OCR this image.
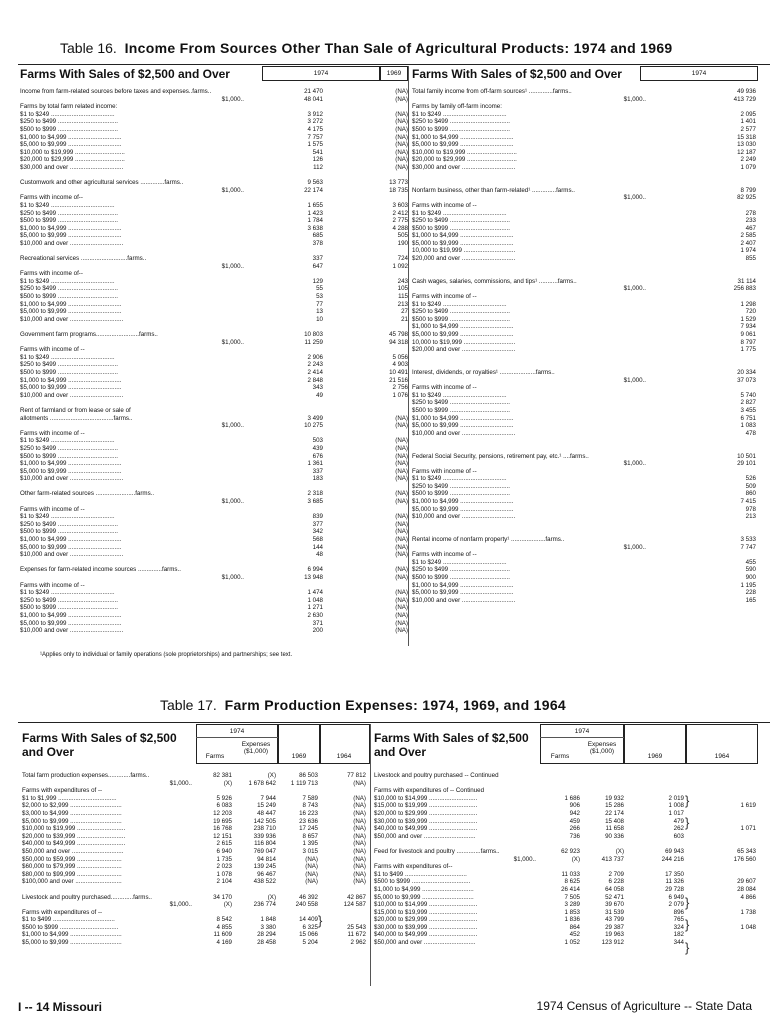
Table 16. Income From Sources Other Than Sale of Agricultural Products: 1974 and 1969
Farms With Sales of $2,500 and Over	1974	1969 Farms With Sales of $2,500 and Over	1974
Income from farm-related sources before taxes and expenses..farms..	21 470	(NA)
$1,000..	48 041	(NA)
Farms by total farm related income:
$1 to $249 .....................................	3 912	(NA)
$250 to $499 ...................................	3 272	(NA)
$500 to $999 ...................................	4 175	(NA)
$1,000 to $4,999 ...............................	7 757	(NA)
$5,000 to $9,999 ...............................	1 575	(NA)
$10,000 to $19,999 .............................	541	(NA)
$20,000 to $29,999 .............................	126	(NA)
$30,000 and over ...............................	112	(NA)
Customwork and other agricultural services ..............farms..	9 563	13 773
$1,000..	22 174	18 735
Farms with income of--
$1 to $249 .....................................	1 655	3 603
$250 to $499 ...................................	1 423	2 412
$500 to $999 ...................................	1 784	2 775
$1,000 to $4,999 ...............................	3 638	4 288
$5,000 to $9,999 ...............................	685	505
$10,000 and over ...............................	378	190
Recreational services ...........................farms..	337	724
$1,000..	647	1 092
Farms with income of--
$1 to $249 .....................................	129	243
$250 to $499 ...................................	55	105
$500 to $999 ...................................	53	115
$1,000 to $4,999 ...............................	77	213
$5,000 to $9,999 ...............................	13	27
$10,000 and over ...............................	10	21
Government farm programs.........................farms..	10 803	45 798
$1,000..	11 259	94 318
Farms with income of --
$1 to $249 .....................................	2 906	5 056
$250 to $499 ...................................	2 243	4 903
$500 to $999 ...................................	2 414	10 491
$1,000 to $4,999 ...............................	2 848	21 516
$5,000 to $9,999 ...............................	343	2 756
$10,000 and over ...............................	49	1 076
Rent of farmland or from lease or sale of
allotments .....................................farms..	3 499	(NA)
$1,000..	10 275	(NA)
Farms with income of --
$1 to $249 .....................................	503	(NA)
$250 to $499 ...................................	439	(NA)
$500 to $999 ...................................	676	(NA)
$1,000 to $4,999 ...............................	1 361	(NA)
$5,000 to $9,999 ...............................	337	(NA)
$10,000 and over ...............................	183	(NA)
Other farm-related sources .......................farms..	2 318	(NA)
$1,000..	3 685	(NA)
Farms with income of --
$1 to $249 .....................................	839	(NA)
$250 to $499 ...................................	377	(NA)
$500 to $999 ...................................	342	(NA)
$1,000 to $4,999 ...............................	568	(NA)
$5,000 to $9,999 ...............................	144	(NA)
$10,000 and over ...............................	48	(NA)
Expenses for farm-related income sources ..............farms..	6 994	(NA)
$1,000..	13 948	(NA)
Farms with income of --
$1 to $249 .....................................	1 474	(NA)
$250 to $499 ...................................	1 048	(NA)
$500 to $999 ...................................	1 271	(NA)
$1,000 to $4,999 ...............................	2 630	(NA)
$5,000 to $9,999 ...............................	371	(NA)
$10,000 and over ...............................	200	(NA)
Total family income from off-farm sources¹ ..............farms..	49 936
$1,000..	413 729
Farms by family off-farm income:
$1 to $249 .....................................	2 095
$250 to $499 ...................................	1 401
$500 to $999 ...................................	2 577
$1,000 to $4,999 ...............................	15 318
$5,000 to $9,999 ...............................	13 030
$10,000 to $19,999 .............................	12 187
$20,000 to $29,999 .............................	2 249
$30,000 and over ...............................	1 079
Nonfarm business, other than farm-related¹ ..............farms..	8 799
$1,000..	82 925
Farms with income of --
$1 to $249 .....................................	278
$250 to $499 ...................................	233
$500 to $999 ...................................	467
$1,000 to $4,999 ...............................	2 585
$5,000 to $9,999 ...............................	2 407
10,000 to $19,999 ..............................	1 974
$20,000 and over ...............................	855
Cash wages, salaries, commissions, and tips¹ ...........farms..	31 114
$1,000..	256 883
Farms with income of --
$1 to $249 .....................................	1 298
$250 to $499 ...................................	720
$500 to $999 ...................................	1 529
$1,000 to $4,999 ...............................	7 934
$5,000 to $9,999 ...............................	9 061
10,000 to $19,999 ..............................	8 797
$20,000 and over ...............................	1 775
Interest, dividends, or royalties¹ .....................farms..	20 334
$1,000..	37 073
Farms with income of --
$1 to $249 .....................................	5 740
$250 to $499 ...................................	2 827
$500 to $999 ...................................	3 455
$1,000 to $4,999 ...............................	6 751
$5,000 to $9,999 ...............................	1 083
$10,000 and over ...............................	478
Federal Social Security, pensions, retirement pay, etc.¹ ....farms..	10 501
$1,000..	29 101
Farms with income of --
$1 to $249 .....................................	526
$250 to $499 ...................................	509
$500 to $999 ...................................	860
$1,000 to $4,999 ...............................	7 415
$5,000 to $9,999 ...............................	978
$10,000 and over ...............................	213
Rental income of nonfarm property¹ ....................farms..	3 533
$1,000..	7 747
Farms with income of --
$1 to $249 .....................................	455
$250 to $499 ...................................	590
$500 to $999 ...................................	900
$1,000 to $4,999 ...............................	1 195
$5,000 to $9,999 ...............................	228
$10,000 and over ...............................	165
¹Applies only to individual or family operations (sole proprietorships) and partnerships; see text.
Table 17. Farm Production Expenses: 1974, 1969, and 1964
Farms With Sales of $2,500 and Over
1974
Farms
Expenses ($1,000)
1969	1964
Farms With Sales of $2,500 and Over
1974
Farms
Expenses ($1,000)
1969	1964
Total farm production expenses.............farms..	82 381	(X)	86 503	77 812
$1,000..	(X)	1 678 642	1 119 713	(NA)
Farms with expenditures of --
$1 to $1,999 ..................................	5 926	7 944	7 589	(NA)
$2,000 to $2,999 ..............................	6 083	15 249	8 743	(NA)
$3,000 to $4,999 ..............................	12 203	48 447	16 223	(NA)
$5,000 to $9,999 ..............................	19 695	142 505	23 636	(NA)
$10,000 to $19,999 ............................	16 768	238 710	17 245	(NA)
$20,000 to $39,999 ............................	12 151	339 936	8 657	(NA)
$40,000 to $49,999 ............................	2 615	116 804	1 395	(NA)
$50,000 and over ..............................	6 940	769 047	3 015	(NA)
$50,000 to $59,999 ..........................	1 735	94 814	(NA)	(NA)
$60,000 to $79,999 ..........................	2 023	139 245	(NA)	(NA)
$80,000 to $99,999 ..........................	1 078	96 467	(NA)	(NA)
$100,000 and over ...........................	2 104	438 522	(NA)	(NA)
Livestock and poultry purchased.............farms..	34 170	(X)	46 392	42 867
$1,000..	(X)	236 774	240 558	124 587
Farms with expenditures of --
$1 to $499 ....................................	8 542	1 848	14 409
$500 to $999 ..................................	4 855	3 380	6 325	25 543
$1,000 to $4,999 ..............................	11 609	28 294	15 066	11 672
$5,000 to $9,999 ..............................	4 169	28 458	5 204	2 962
Livestock and poultry purchased -- Continued
Farms with expenditures of -- Continued
$10,000 to $14,999 ............................	1 686	19 932	2 019
$15,000 to $19,999 ............................	906	15 286	1 008	1 619
$20,000 to $29,999 ............................	942	22 174	1 017
$30,000 to $39,999 ............................	459	15 408	479
$40,000 to $49,999 ............................	266	11 658	262	1 071
$50,000 and over ..............................	736	90 336	603
Feed for livestock and poultry ..............farms..	62 923	(X)	69 943	65 343
$1,000..	(X)	413 737	244 216	176 560
Farms with expenditures of--
$1 to $499 ....................................	11 033	2 709	17 350
$500 to $999 ..................................	8 625	6 228	11 326	29 607
$1,000 to $4,999 ..............................	26 414	64 058	29 728	28 084
$5,000 to $9,999 ..............................	7 505	52 471	6 949	4 866
$10,000 to $14,999 ............................	3 289	39 670	2 079
$15,000 to $19,999 ............................	1 853	31 539	896	1 738
$20,000 to $29,999 ............................	1 836	43 799	765
$30,000 to $39,999 ............................	864	29 387	324	1 048
$40,000 to $49,999 ............................	452	19 963	182
$50,000 and over ..............................	1 052	123 912	344
}
}
}
}
}
}
I -- 14 Missouri	1974 Census of Agriculture -- State Data
